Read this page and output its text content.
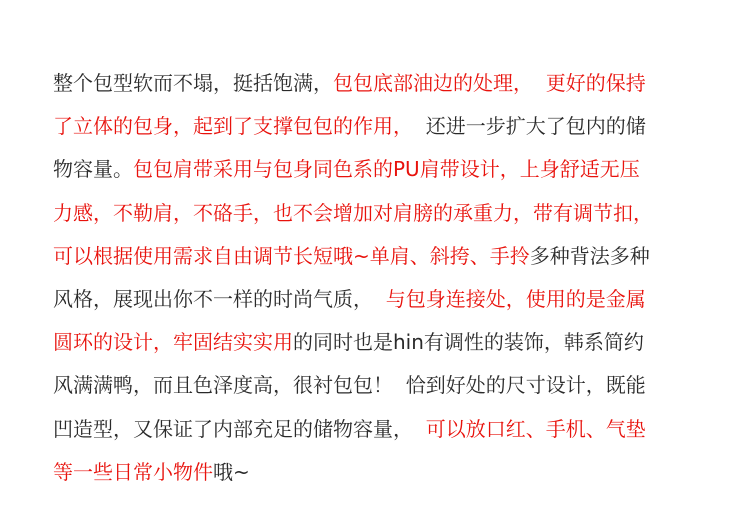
整个包型软而不塌，挺括饱满，包包底部油边的处理，  更好的保持
了立体的包身，起到了支撑包包的作用，  还进一步扩大了包内的储
物容量。包包肩带采用与包身同色系的PU肩带设计，上身舒适无压
力感，不勒肩，不硌手，也不会增加对肩膀的承重力，带有调节扣，
可以根据使用需求自由调节长短哦~单肩、斜挎、手拎多种背法多种
风格，展现出你不一样的时尚气质，  与包身连接处，使用的是金属
圆环的设计，牢固结实实用的同时也是hin有调性的装饰，韩系简约
风满满鸭，而且色泽度高，很衬包包！  恰到好处的尺寸设计，既能
凹造型，又保证了内部充足的储物容量，  可以放口红、手机、气垫
等一些日常小物件哦~
